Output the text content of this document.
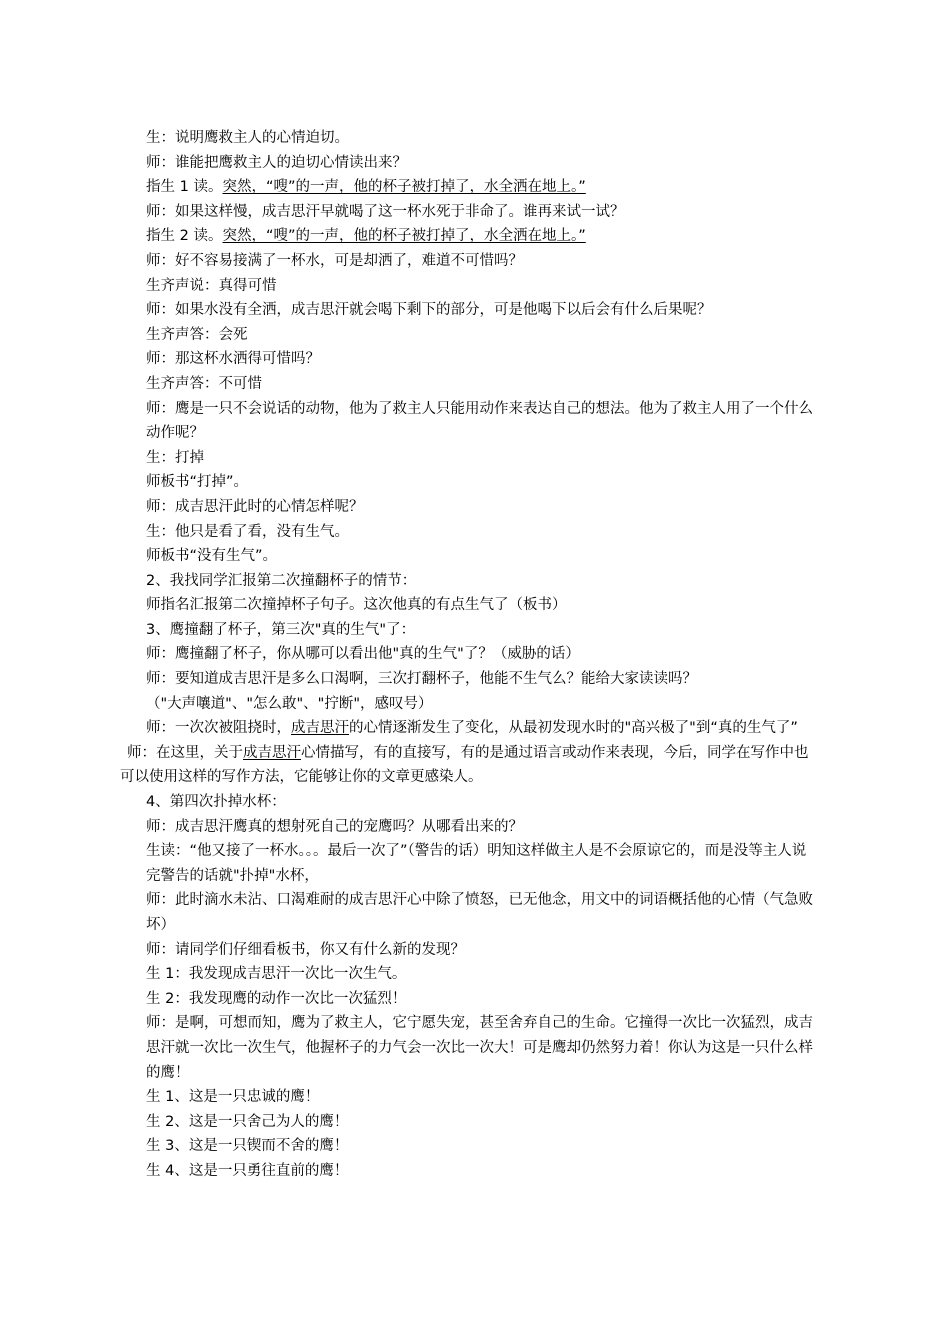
生：说明鹰救主人的心情迫切。
师：谁能把鹰救主人的迫切心情读出来？
指生 1 读。突然，“嗖”的一声，他的杯子被打掉了，水全洒在地上。”
师：如果这样慢，成吉思汗早就喝了这一杯水死于非命了。谁再来试一试？
指生 2 读。突然，“嗖”的一声，他的杯子被打掉了，水全洒在地上。”
师：好不容易接满了一杯水，可是却洒了，难道不可惜吗？
生齐声说：真得可惜
师：如果水没有全洒，成吉思汗就会喝下剩下的部分，可是他喝下以后会有什么后果呢？
生齐声答：会死
师：那这杯水洒得可惜吗？
生齐声答：不可惜
师：鹰是一只不会说话的动物，他为了救主人只能用动作来表达自己的想法。他为了救主人用了一个什么动作呢？
生：打掉
师板书“打掉”。
师：成吉思汗此时的心情怎样呢？
生：他只是看了看，没有生气。
师板书“没有生气”。
2、我找同学汇报第二次撞翻杯子的情节：
师指名汇报第二次撞掉杯子句子。这次他真的有点生气了（板书）
3、鹰撞翻了杯子，第三次"真的生气"了：
师：鹰撞翻了杯子，你从哪可以看出他"真的生气"了？（威胁的话）
师：要知道成吉思汗是多么口渴啊，三次打翻杯子，他能不生气么？能给大家读读吗？
（"大声嚷道"、"怎么敢"、"拧断"，感叹号）
师：一次次被阻挠时，成吉思汗的心情逐渐发生了变化，从最初发现水时的"高兴极了"到“真的生气了”
师：在这里，关于成吉思汗心情描写，有的直接写，有的是通过语言或动作来表现，今后，同学在写作中也可以使用这样的写作方法，它能够让你的文章更感染人。
4、第四次扑掉水杯：
师：成吉思汗鹰真的想射死自己的宠鹰吗？从哪看出来的？
生读：“他又接了一杯水。。。最后一次了”（警告的话）明知这样做主人是不会原谅它的，而是没等主人说完警告的话就"扑掉"水杯，
师：此时滴水未沾、口渴难耐的成吉思汗心中除了愤怒，已无他念，用文中的词语概括他的心情（气急败坏）
师：请同学们仔细看板书，你又有什么新的发现？
生 1：我发现成吉思汗一次比一次生气。
生 2：我发现鹰的动作一次比一次猛烈！
师：是啊，可想而知，鹰为了救主人，它宁愿失宠，甚至舍弃自己的生命。它撞得一次比一次猛烈，成吉思汗就一次比一次生气，他握杯子的力气会一次比一次大！可是鹰却仍然努力着！你认为这是一只什么样的鹰！
生 1、这是一只忠诚的鹰！
生 2、这是一只舍己为人的鹰！
生 3、这是一只锲而不舍的鹰！
生 4、这是一只勇往直前的鹰！
